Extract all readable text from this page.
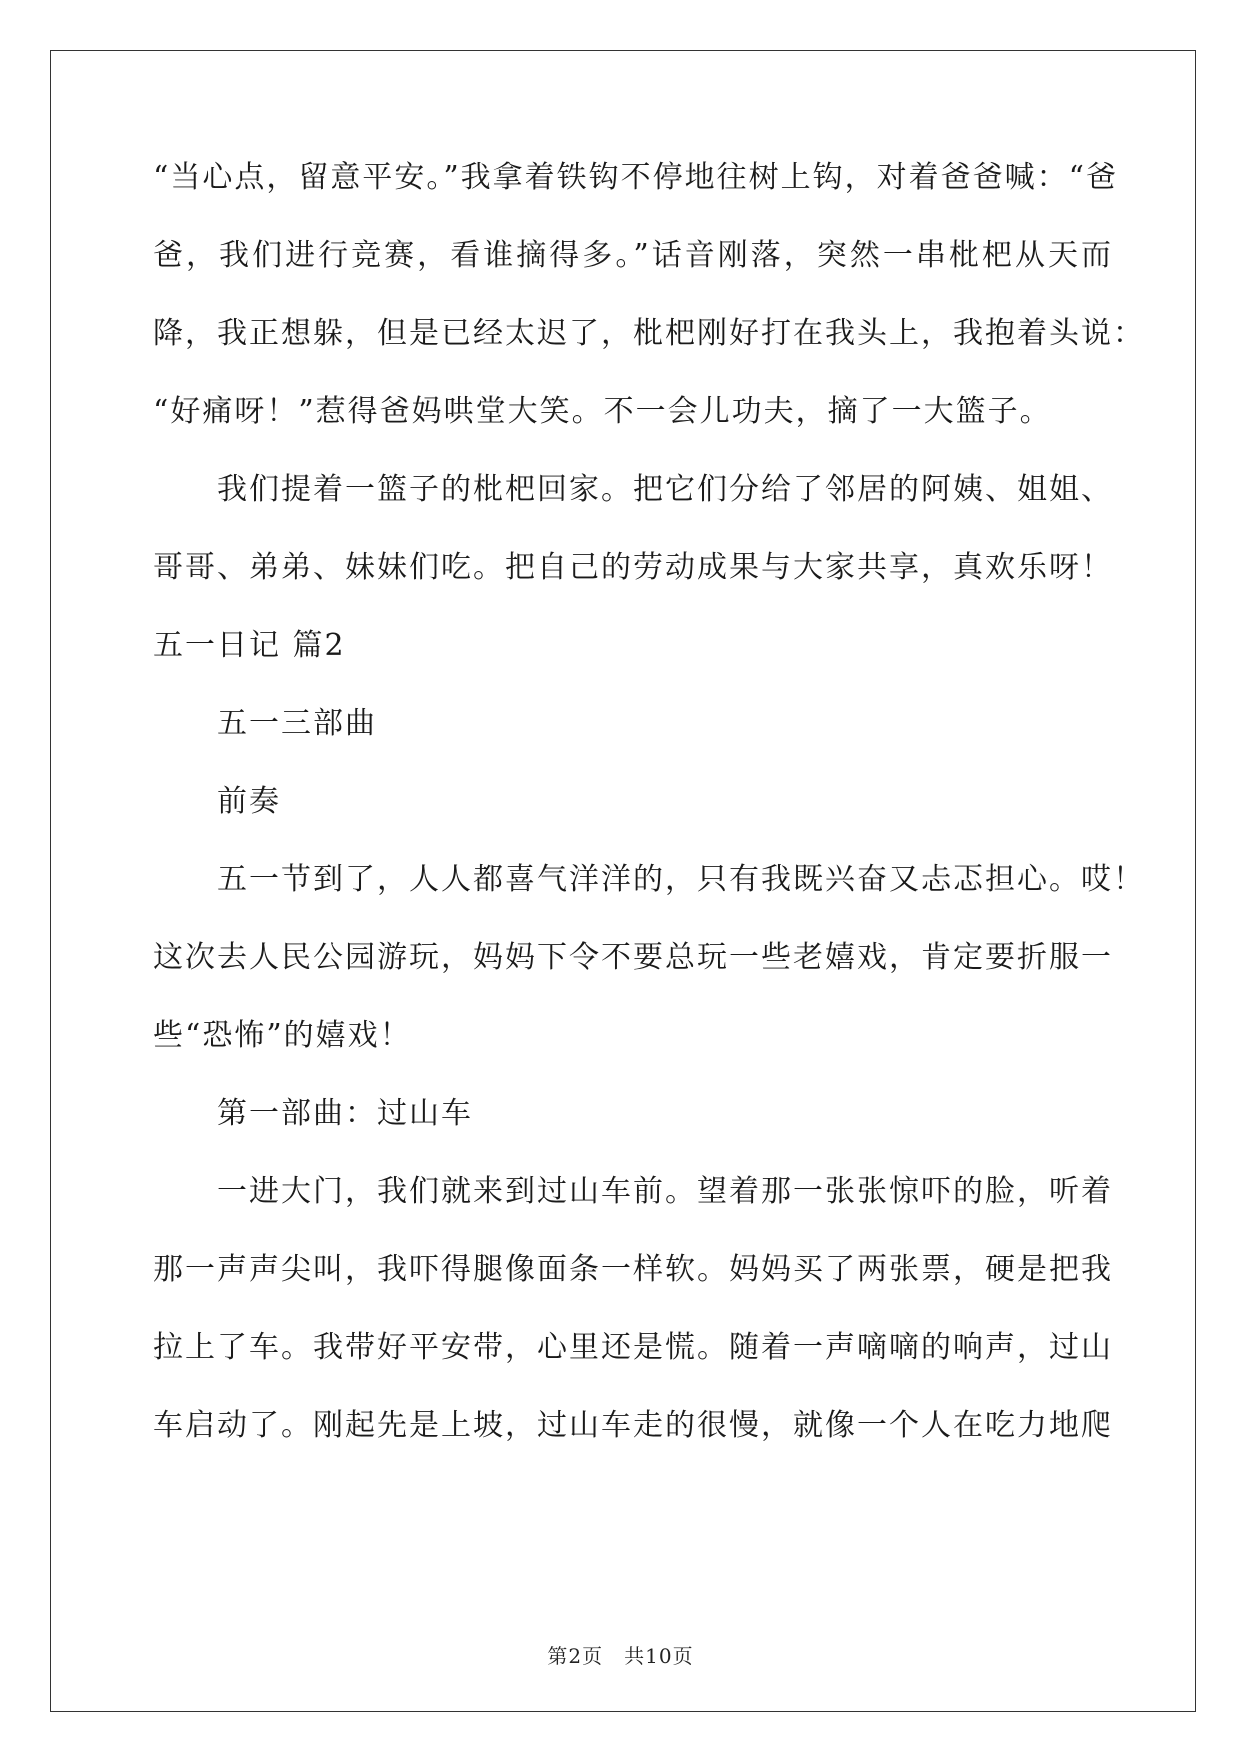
“当心点，留意平安。”我拿着铁钩不停地往树上钩，对着爸爸喊：“爸
爸，我们进行竞赛，看谁摘得多。”话音刚落，突然一串枇杷从天而
降，我正想躲，但是已经太迟了，枇杷刚好打在我头上，我抱着头说：
“好痛呀！”惹得爸妈哄堂大笑。不一会儿功夫，摘了一大篮子。
我们提着一篮子的枇杷回家。把它们分给了邻居的阿姨、姐姐、
哥哥、弟弟、妹妹们吃。把自己的劳动成果与大家共享，真欢乐呀！
五一日记 篇2
五一三部曲
前奏
五一节到了，人人都喜气洋洋的，只有我既兴奋又忐忑担心。哎！
这次去人民公园游玩，妈妈下令不要总玩一些老嬉戏，肯定要折服一
些“恐怖”的嬉戏！
第一部曲：过山车
一进大门，我们就来到过山车前。望着那一张张惊吓的脸，听着
那一声声尖叫，我吓得腿像面条一样软。妈妈买了两张票，硬是把我
拉上了车。我带好平安带，心里还是慌。随着一声嘀嘀的响声，过山
车启动了。刚起先是上坡，过山车走的很慢，就像一个人在吃力地爬
第2页　共10页
